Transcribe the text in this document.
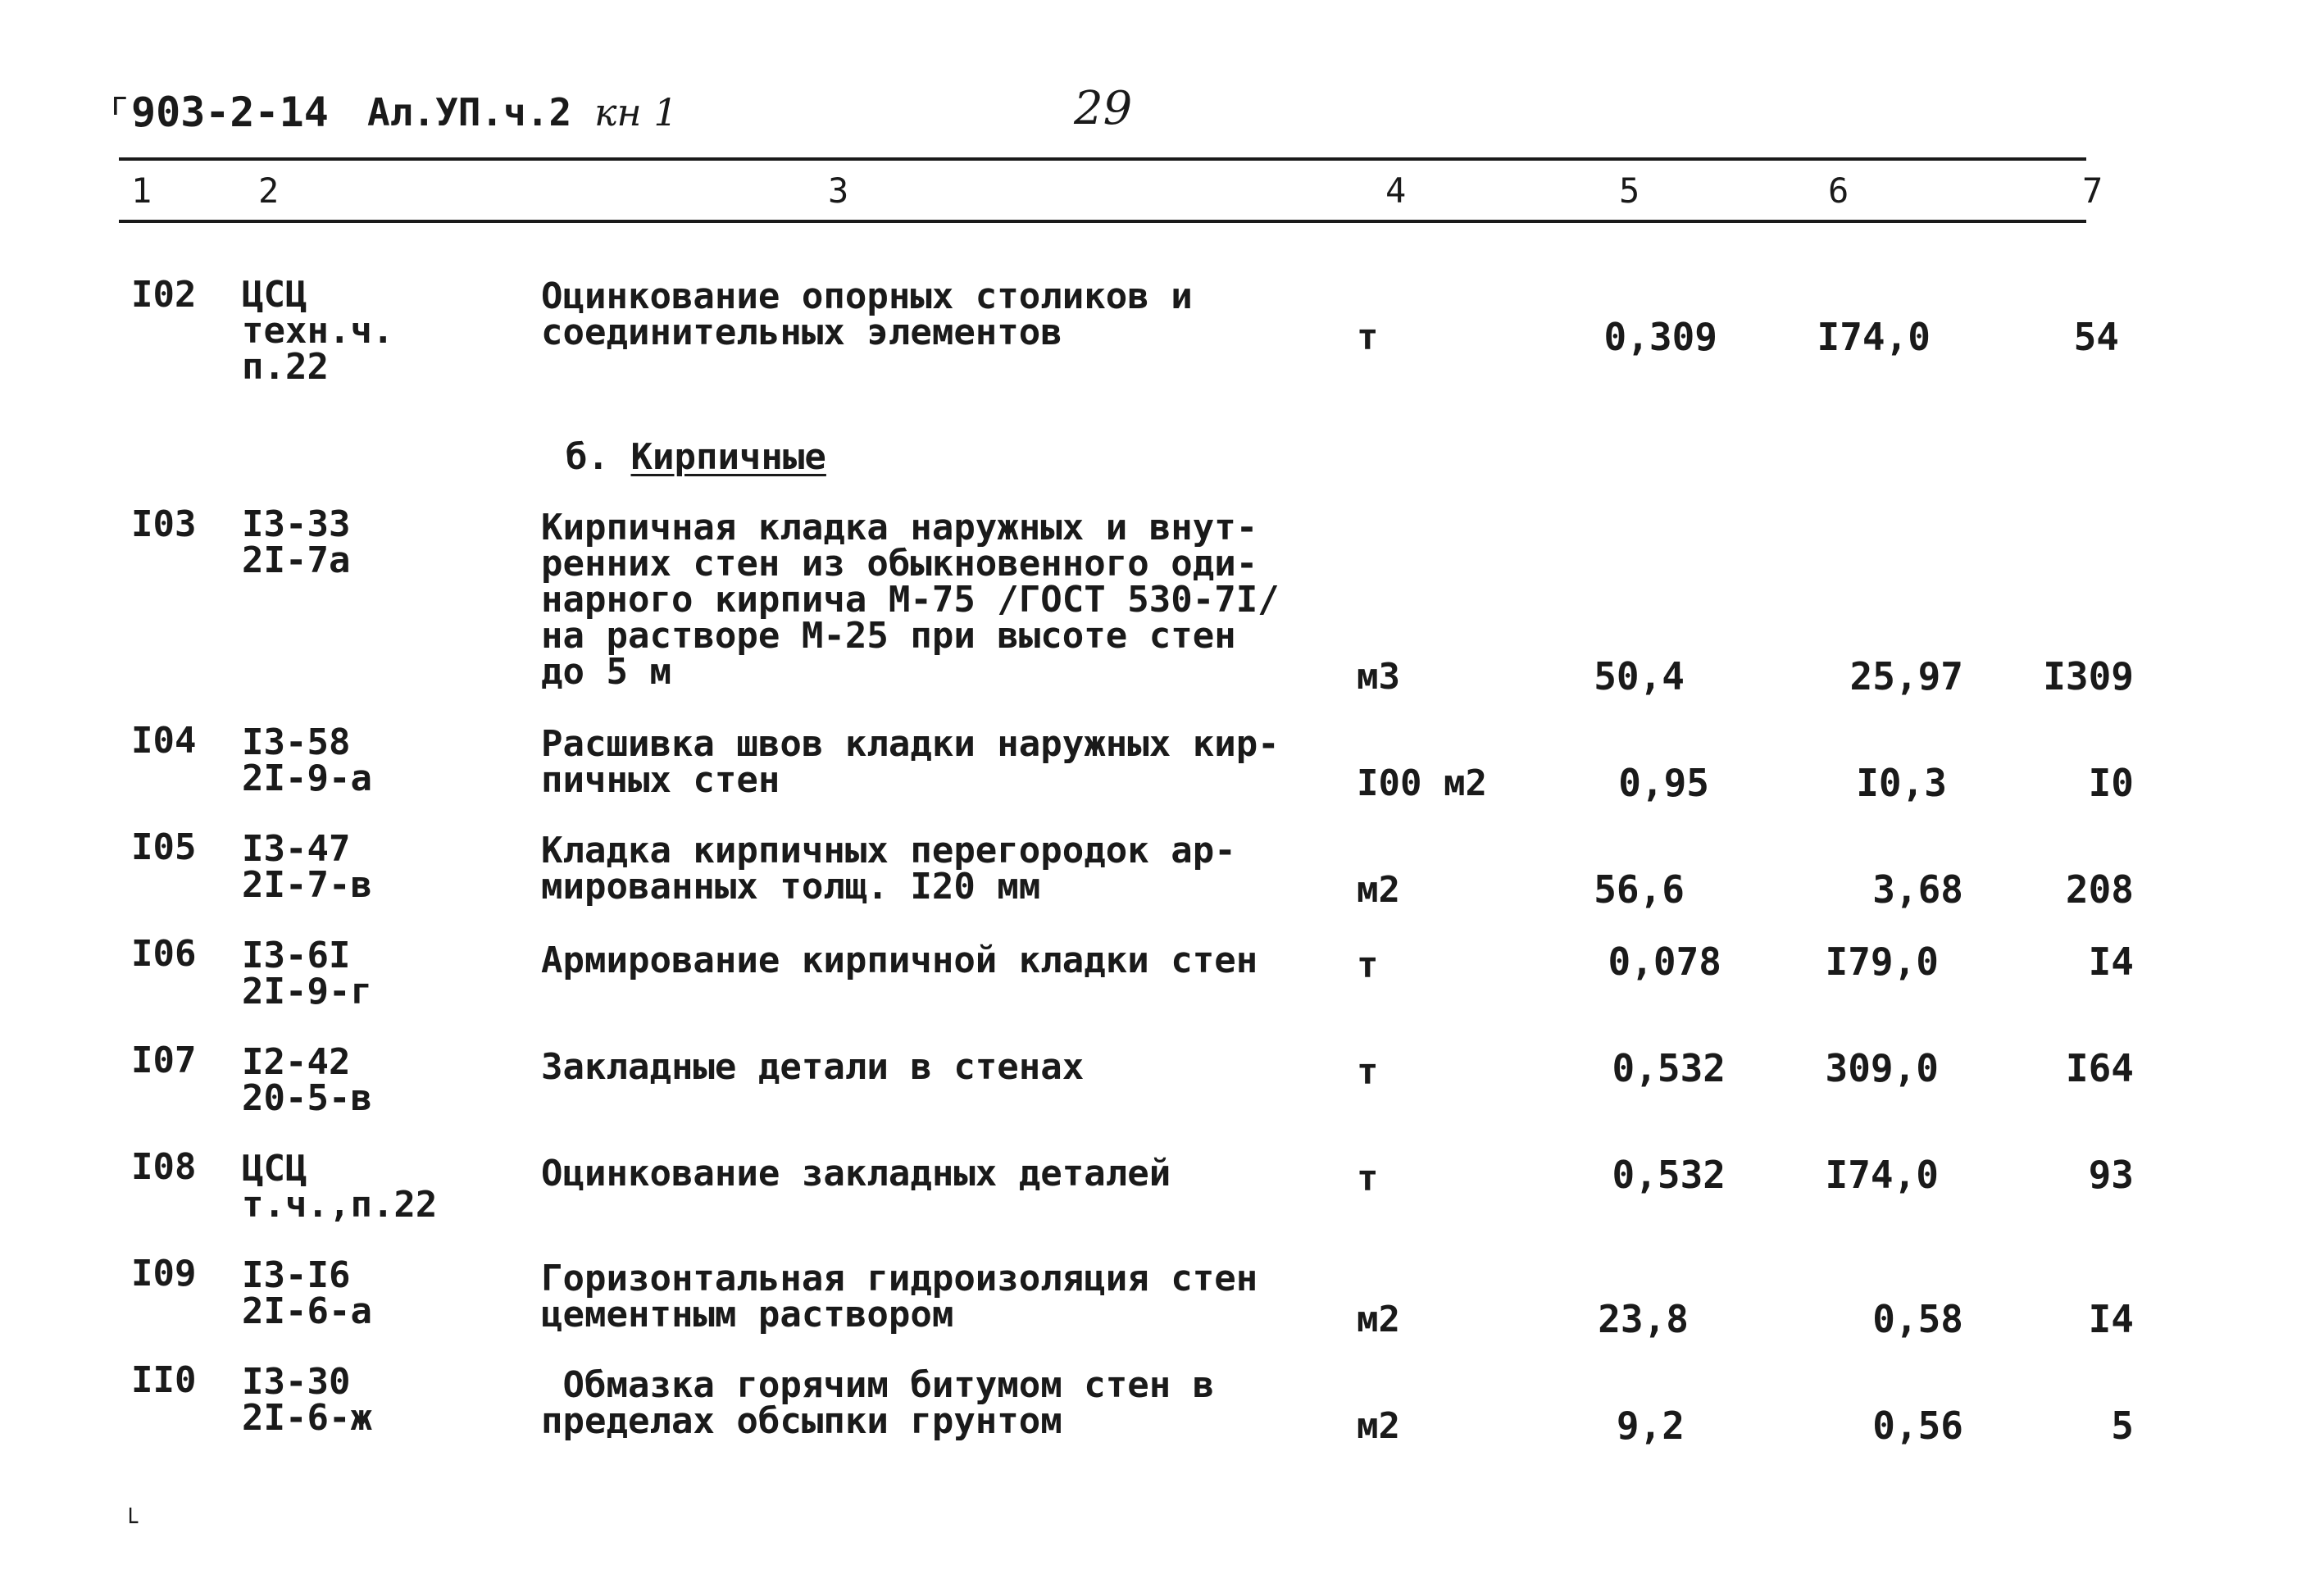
г 903-2-14 Ал.УП.ч.2 кн 1	29
1	2	3	4	5	6	7
I02 ЦСЦ
техн.ч.
п.22
Оцинкование опорных столиков и
соединительных элементов	т	0,309	I74,0	54
б. Кирпичные
I03 I3-33
2I-7а
Кирпичная кладка наружных и внут-
ренних стен из обыкновенного оди-
нарного кирпича М-75 /ГОСТ 530-7I/
на растворе М-25 при высоте стен
до 5 м	м3	50,4	25,97 I309
I04 I3-58
2I-9-а
Расшивка швов кладки наружных кир-
пичных стен	I00 м2	0,95	I0,3	I0
I05 I3-47
2I-7-в
Кладка кирпичных перегородок ар-
мированных толщ. I20 мм	м2	56,6	3,68	208
I06 I3-6I
2I-9-г
Армирование кирпичной кладки стен	т	0,078	I79,0	I4
I07 I2-42
20-5-в
Закладные детали в стенах	т	0,532	309,0	I64
I08 ЦСЦ
т.ч.,п.22
Оцинкование закладных деталей	т	0,532	I74,0	93
I09 I3-I6
2I-6-а
Горизонтальная гидроизоляция стен
цементным раствором	м2	23,8	0,58	I4
II0 I3-30
2I-6-ж
Обмазка горячим битумом стен в
пределах обсыпки грунтом	м2	9,2	0,56	5
└
